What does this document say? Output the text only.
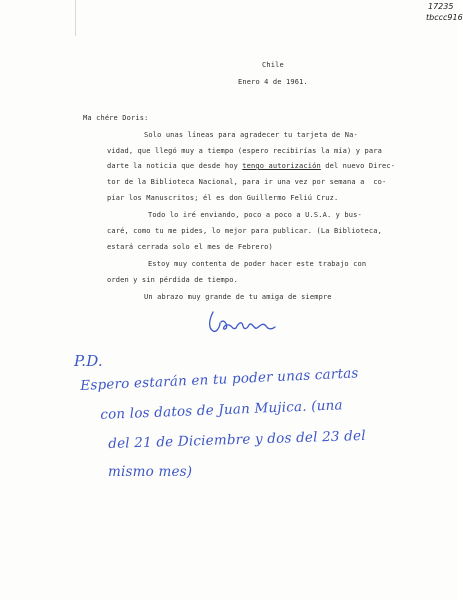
17235
tbccc916
Chile
Enero 4 de 1961.
Ma chére Doris:
Solo unas líneas para agradecer tu tarjeta de Na-
vidad, que llegó muy a tiempo (espero recibirías la mía) y para
darte la noticia que desde hoy tengo autorización del nuevo Direc-
tor de la Biblioteca Nacional, para ir una vez por semana a  co-
piar los Manuscritos; él es don Guillermo Feliú Cruz.
Todo lo iré enviando, poco a poco a U.S.A. y bus-
caré, como tu me pides, lo mejor para publicar. (La Biblioteca,
estará cerrada solo el mes de Febrero)
Estoy muy contenta de poder hacer este trabajo con
orden y sin pérdida de tiempo.
Un abrazo muy grande de tu amiga de siempre
P.D.
Espero estarán en tu poder unas cartas
con los datos de Juan Mujica. (una
del 21 de Diciembre y dos del 23 del
mismo mes)
